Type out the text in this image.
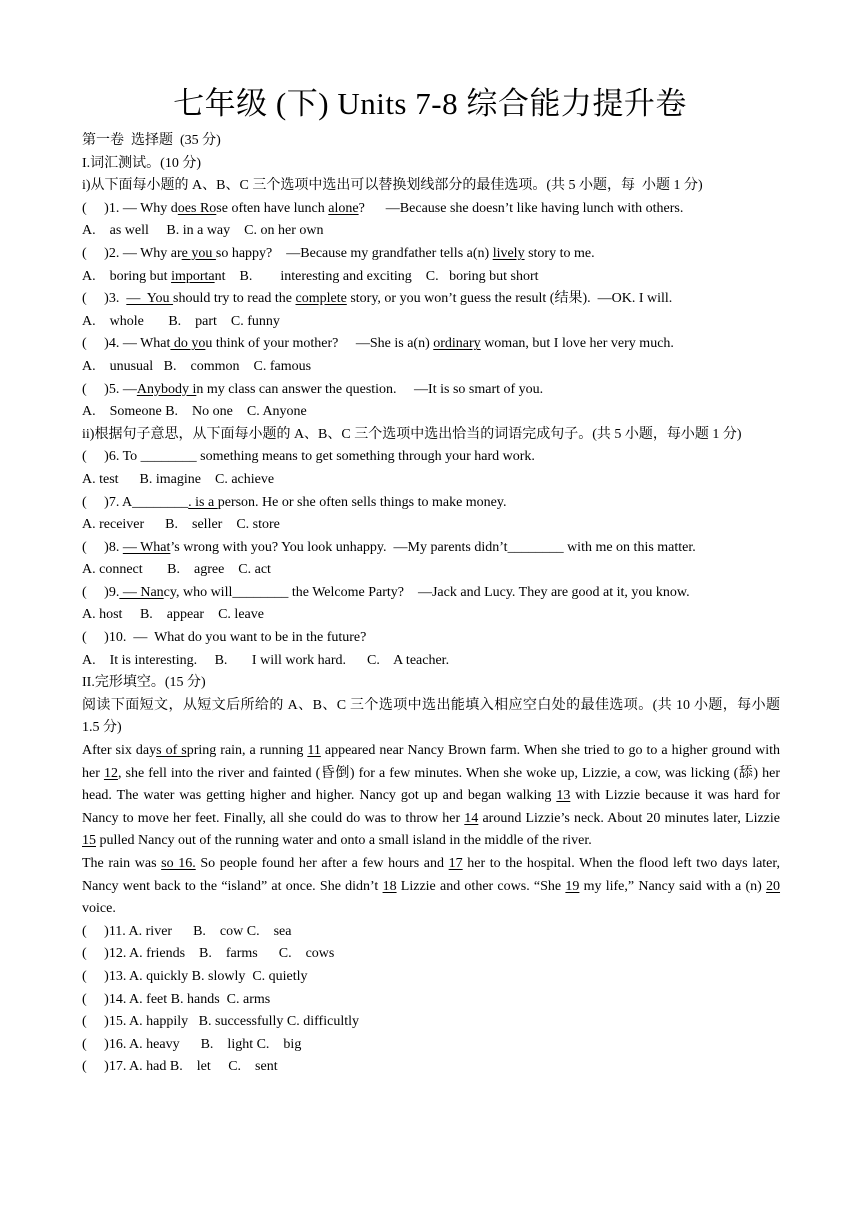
七年级 (下) Units 7-8 综合能力提升卷
第一卷  选择题  (35 分)
I.词汇测试。(10 分)
i)从下面每小题的 A、B、C 三个选项中选出可以替换划线部分的最佳选项。(共 5 小题，每  小题 1 分)
(     )1. — Why does Rose often have lunch alone?      —Because she doesn’t like having lunch with others.
A.    as well     B. in a way    C. on her own
(     )2. — Why are you so happy?    —Because my grandfather tells a(n) lively story to me.
A.    boring but important    B.        interesting and exciting    C.   boring but short
(     )3.  —  You should try to read the complete story, or you won’t guess the result (结果).  —OK. I will.
A.    whole       B.    part    C. funny
(     )4. — What do you think of your mother?     —She is a(n) ordinary woman, but I love her very much.
A.    unusual   B.    common    C. famous
(     )5. —Anybody in my class can answer the question.     —It is so smart of you.
A.    Someone B.    No one    C. Anyone
ii)根据句子意思，从下面每小题的 A、B、C 三个选项中选出恰当的词语完成句子。(共 5 小题，每小题 1 分)
(     )6. To ________ something means to get something through your hard work.
A. test      B. imagine    C. achieve
(     )7. A________. is a person. He or she often sells things to make money.
A. receiver      B.    seller    C. store
(     )8. — What’s wrong with you? You look unhappy.  —My parents didn’t________ with me on this matter.
A. connect       B.    agree    C. act
(     )9. — Nancy, who will________ the Welcome Party?    —Jack and Lucy. They are good at it, you know.
A. host     B.    appear    C. leave
(     )10.  —  What do you want to be in the future?
A.    It is interesting.     B.       I will work hard.      C.    A teacher.
II.完形填空。(15 分)
阅读下面短文，从短文后所给的 A、B、C 三个选项中选出能填入相应空白处的最佳选项。(共 10 小题，每小题 1.5 分)
After six days of spring rain, a running 11 appeared near Nancy Brown farm. When she tried to go to a higher ground with her 12, she fell into the river and fainted (昏倒) for a few minutes. When she woke up, Lizzie, a cow, was licking (舔) her head. The water was getting higher and higher. Nancy got up and began walking 13 with Lizzie because it was hard for Nancy to move her feet. Finally, all she could do was to throw her 14 around Lizzie’s neck. About 20 minutes later, Lizzie 15 pulled Nancy out of the running water and onto a small island in the middle of the river.
The rain was so 16. So people found her after a few hours and 17 her to the hospital. When the flood left two days later, Nancy went back to the “island” at once. She didn’t 18 Lizzie and other cows. “She 19 my life,” Nancy said with a (n) 20 voice.
(     )11. A. river      B.    cow C.    sea
(     )12. A. friends    B.    farms      C.    cows
(     )13. A. quickly B. slowly  C. quietly
(     )14. A. feet B. hands  C. arms
(     )15. A. happily   B. successfully C. difficultly
(     )16. A. heavy      B.    light C.    big
(     )17. A. had B.    let     C.    sent
